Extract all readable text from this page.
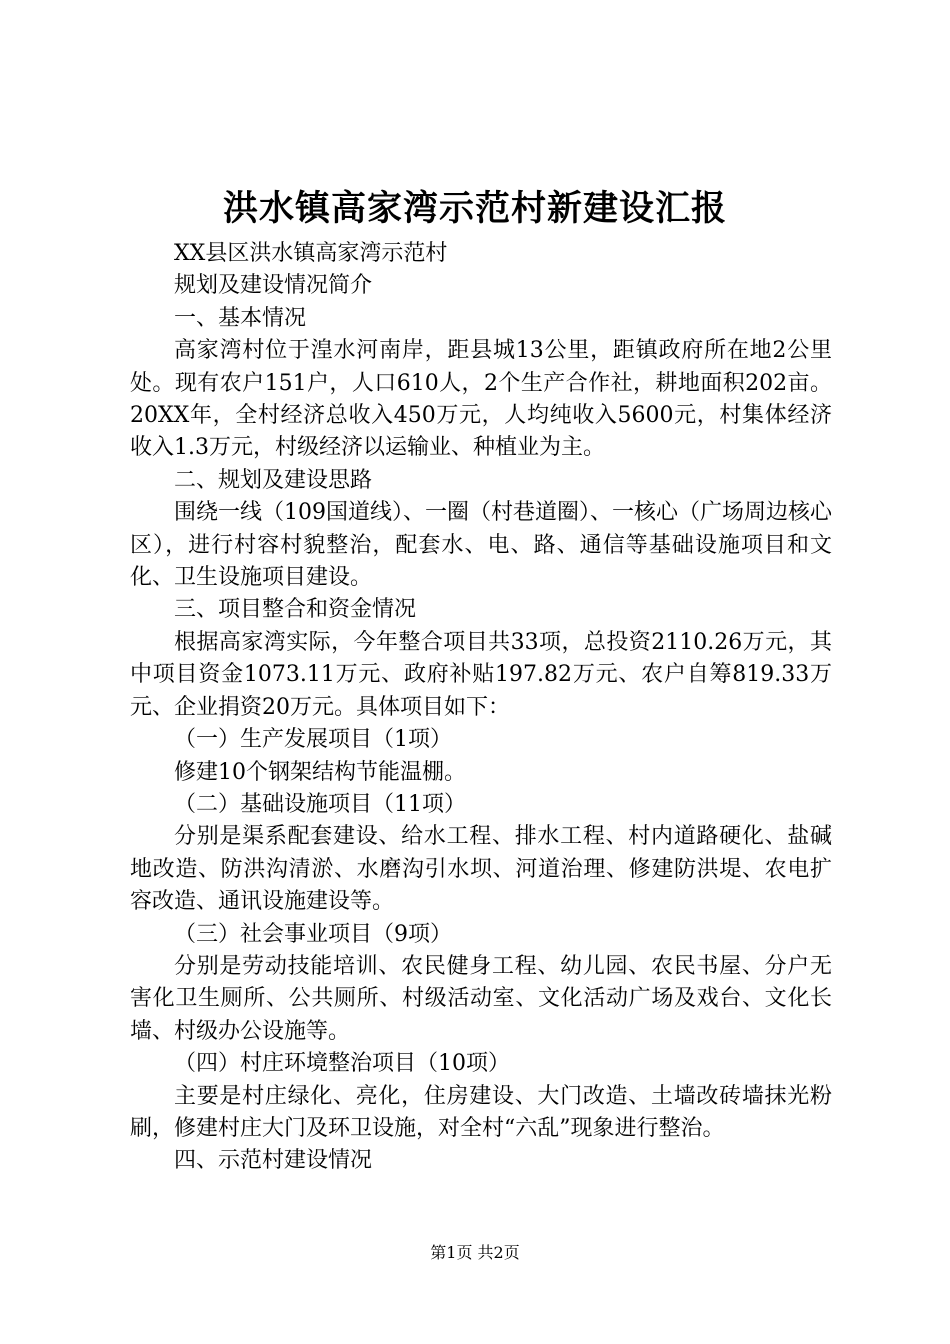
洪水镇高家湾示范村新建设汇报

XX县区洪水镇高家湾示范村

规划及建设情况简介

一、基本情况

高家湾村位于湟水河南岸，距县城13公里，距镇政府所在地2公里处。现有农户151户，人口610人，2个生产合作社，耕地面积202亩。20XX年，全村经济总收入450万元，人均纯收入5600元，村集体经济收入1.3万元，村级经济以运输业、种植业为主。

二、规划及建设思路

围绕一线（109国道线）、一圈（村巷道圈）、一核心（广场周边核心区），进行村容村貌整治，配套水、电、路、通信等基础设施项目和文化、卫生设施项目建设。

三、项目整合和资金情况

根据高家湾实际，今年整合项目共33项，总投资2110.26万元，其中项目资金1073.11万元、政府补贴197.82万元、农户自筹819.33万元、企业捐资20万元。具体项目如下：

（一）生产发展项目（1项）

修建10个钢架结构节能温棚。

（二）基础设施项目（11项）

分别是渠系配套建设、给水工程、排水工程、村内道路硬化、盐碱地改造、防洪沟清淤、水磨沟引水坝、河道治理、修建防洪堤、农电扩容改造、通讯设施建设等。

（三）社会事业项目（9项）

分别是劳动技能培训、农民健身工程、幼儿园、农民书屋、分户无害化卫生厕所、公共厕所、村级活动室、文化活动广场及戏台、文化长墙、村级办公设施等。

（四）村庄环境整治项目（10项）

主要是村庄绿化、亮化，住房建设、大门改造、土墙改砖墙抹光粉刷，修建村庄大门及环卫设施，对全村“六乱”现象进行整治。

四、示范村建设情况

第1页 共2页
